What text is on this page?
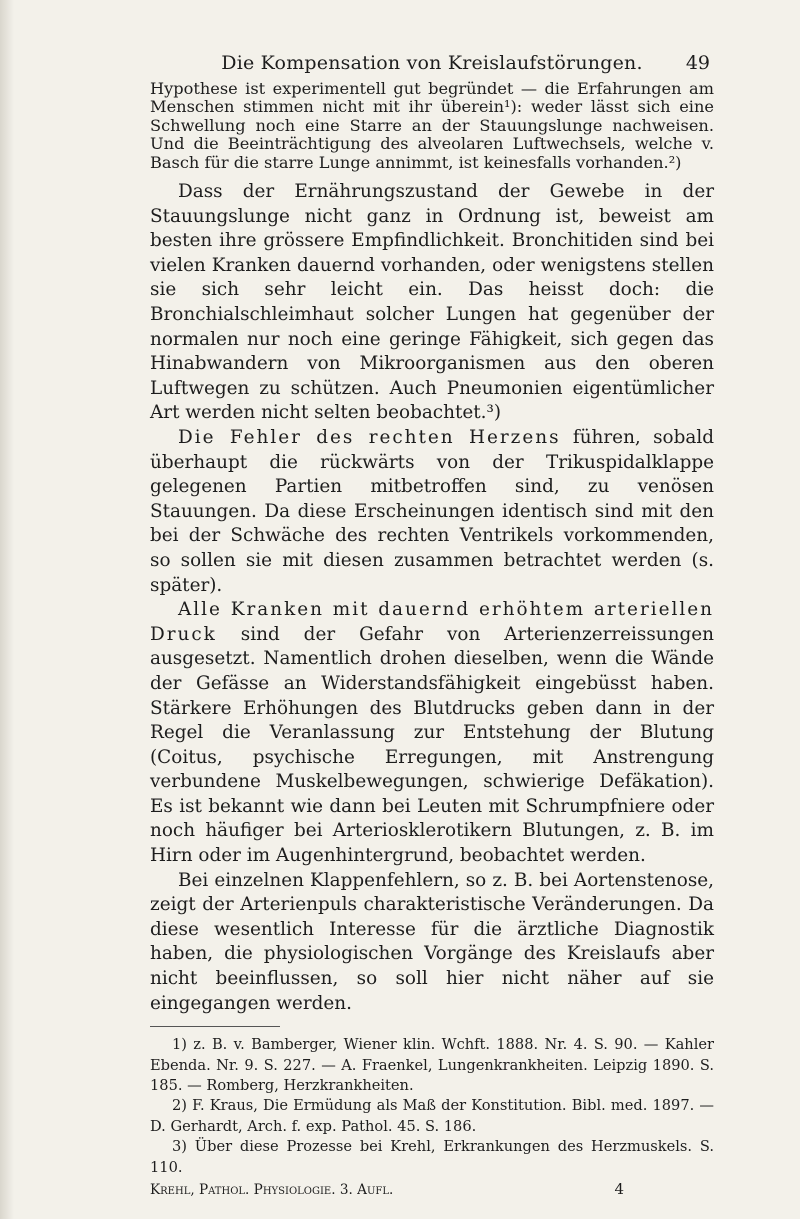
Die Kompensation von Kreislaufstörungen.	49

Hypothese ist experimentell gut begründet — die Erfahrungen am Menschen stimmen nicht mit ihr überein¹): weder lässt sich eine Schwellung noch eine Starre an der Stauungslunge nachweisen. Und die Beeinträchtigung des alveolaren Luftwechsels, welche v. Basch für die starre Lunge annimmt, ist keinesfalls vorhanden.²)

Dass der Ernährungszustand der Gewebe in der Stauungslunge nicht ganz in Ordnung ist, beweist am besten ihre grössere Empfindlichkeit. Bronchitiden sind bei vielen Kranken dauernd vorhanden, oder wenigstens stellen sie sich sehr leicht ein. Das heisst doch: die Bronchialschleimhaut solcher Lungen hat gegenüber der normalen nur noch eine geringe Fähigkeit, sich gegen das Hinabwandern von Mikroorganismen aus den oberen Luftwegen zu schützen. Auch Pneumonien eigentümlicher Art werden nicht selten beobachtet.³)

Die Fehler des rechten Herzens führen, sobald überhaupt die rückwärts von der Trikuspidalklappe gelegenen Partien mitbetroffen sind, zu venösen Stauungen. Da diese Erscheinungen identisch sind mit den bei der Schwäche des rechten Ventrikels vorkommenden, so sollen sie mit diesen zusammen betrachtet werden (s. später).

Alle Kranken mit dauernd erhöhtem arteriellen Druck sind der Gefahr von Arterienzerreissungen ausgesetzt. Namentlich drohen dieselben, wenn die Wände der Gefässe an Widerstandsfähigkeit eingebüsst haben. Stärkere Erhöhungen des Blutdrucks geben dann in der Regel die Veranlassung zur Entstehung der Blutung (Coitus, psychische Erregungen, mit Anstrengung verbundene Muskelbewegungen, schwierige Defäkation). Es ist bekannt wie dann bei Leuten mit Schrumpfniere oder noch häufiger bei Arteriosklerotikern Blutungen, z. B. im Hirn oder im Augenhintergrund, beobachtet werden.

Bei einzelnen Klappenfehlern, so z. B. bei Aortenstenose, zeigt der Arterienpuls charakteristische Veränderungen. Da diese wesentlich Interesse für die ärztliche Diagnostik haben, die physiologischen Vorgänge des Kreislaufs aber nicht beeinflussen, so soll hier nicht näher auf sie eingegangen werden.

1) z. B. v. Bamberger, Wiener klin. Wchft. 1888. Nr. 4. S. 90. — Kahler Ebenda. Nr. 9. S. 227. — A. Fraenkel, Lungenkrankheiten. Leipzig 1890. S. 185. — Romberg, Herzkrankheiten.

2) F. Kraus, Die Ermüdung als Maß der Konstitution. Bibl. med. 1897. — D. Gerhardt, Arch. f. exp. Pathol. 45. S. 186.

3) Über diese Prozesse bei Krehl, Erkrankungen des Herzmuskels. S. 110.

Krehl, Pathol. Physiologie. 3. Aufl.	4
